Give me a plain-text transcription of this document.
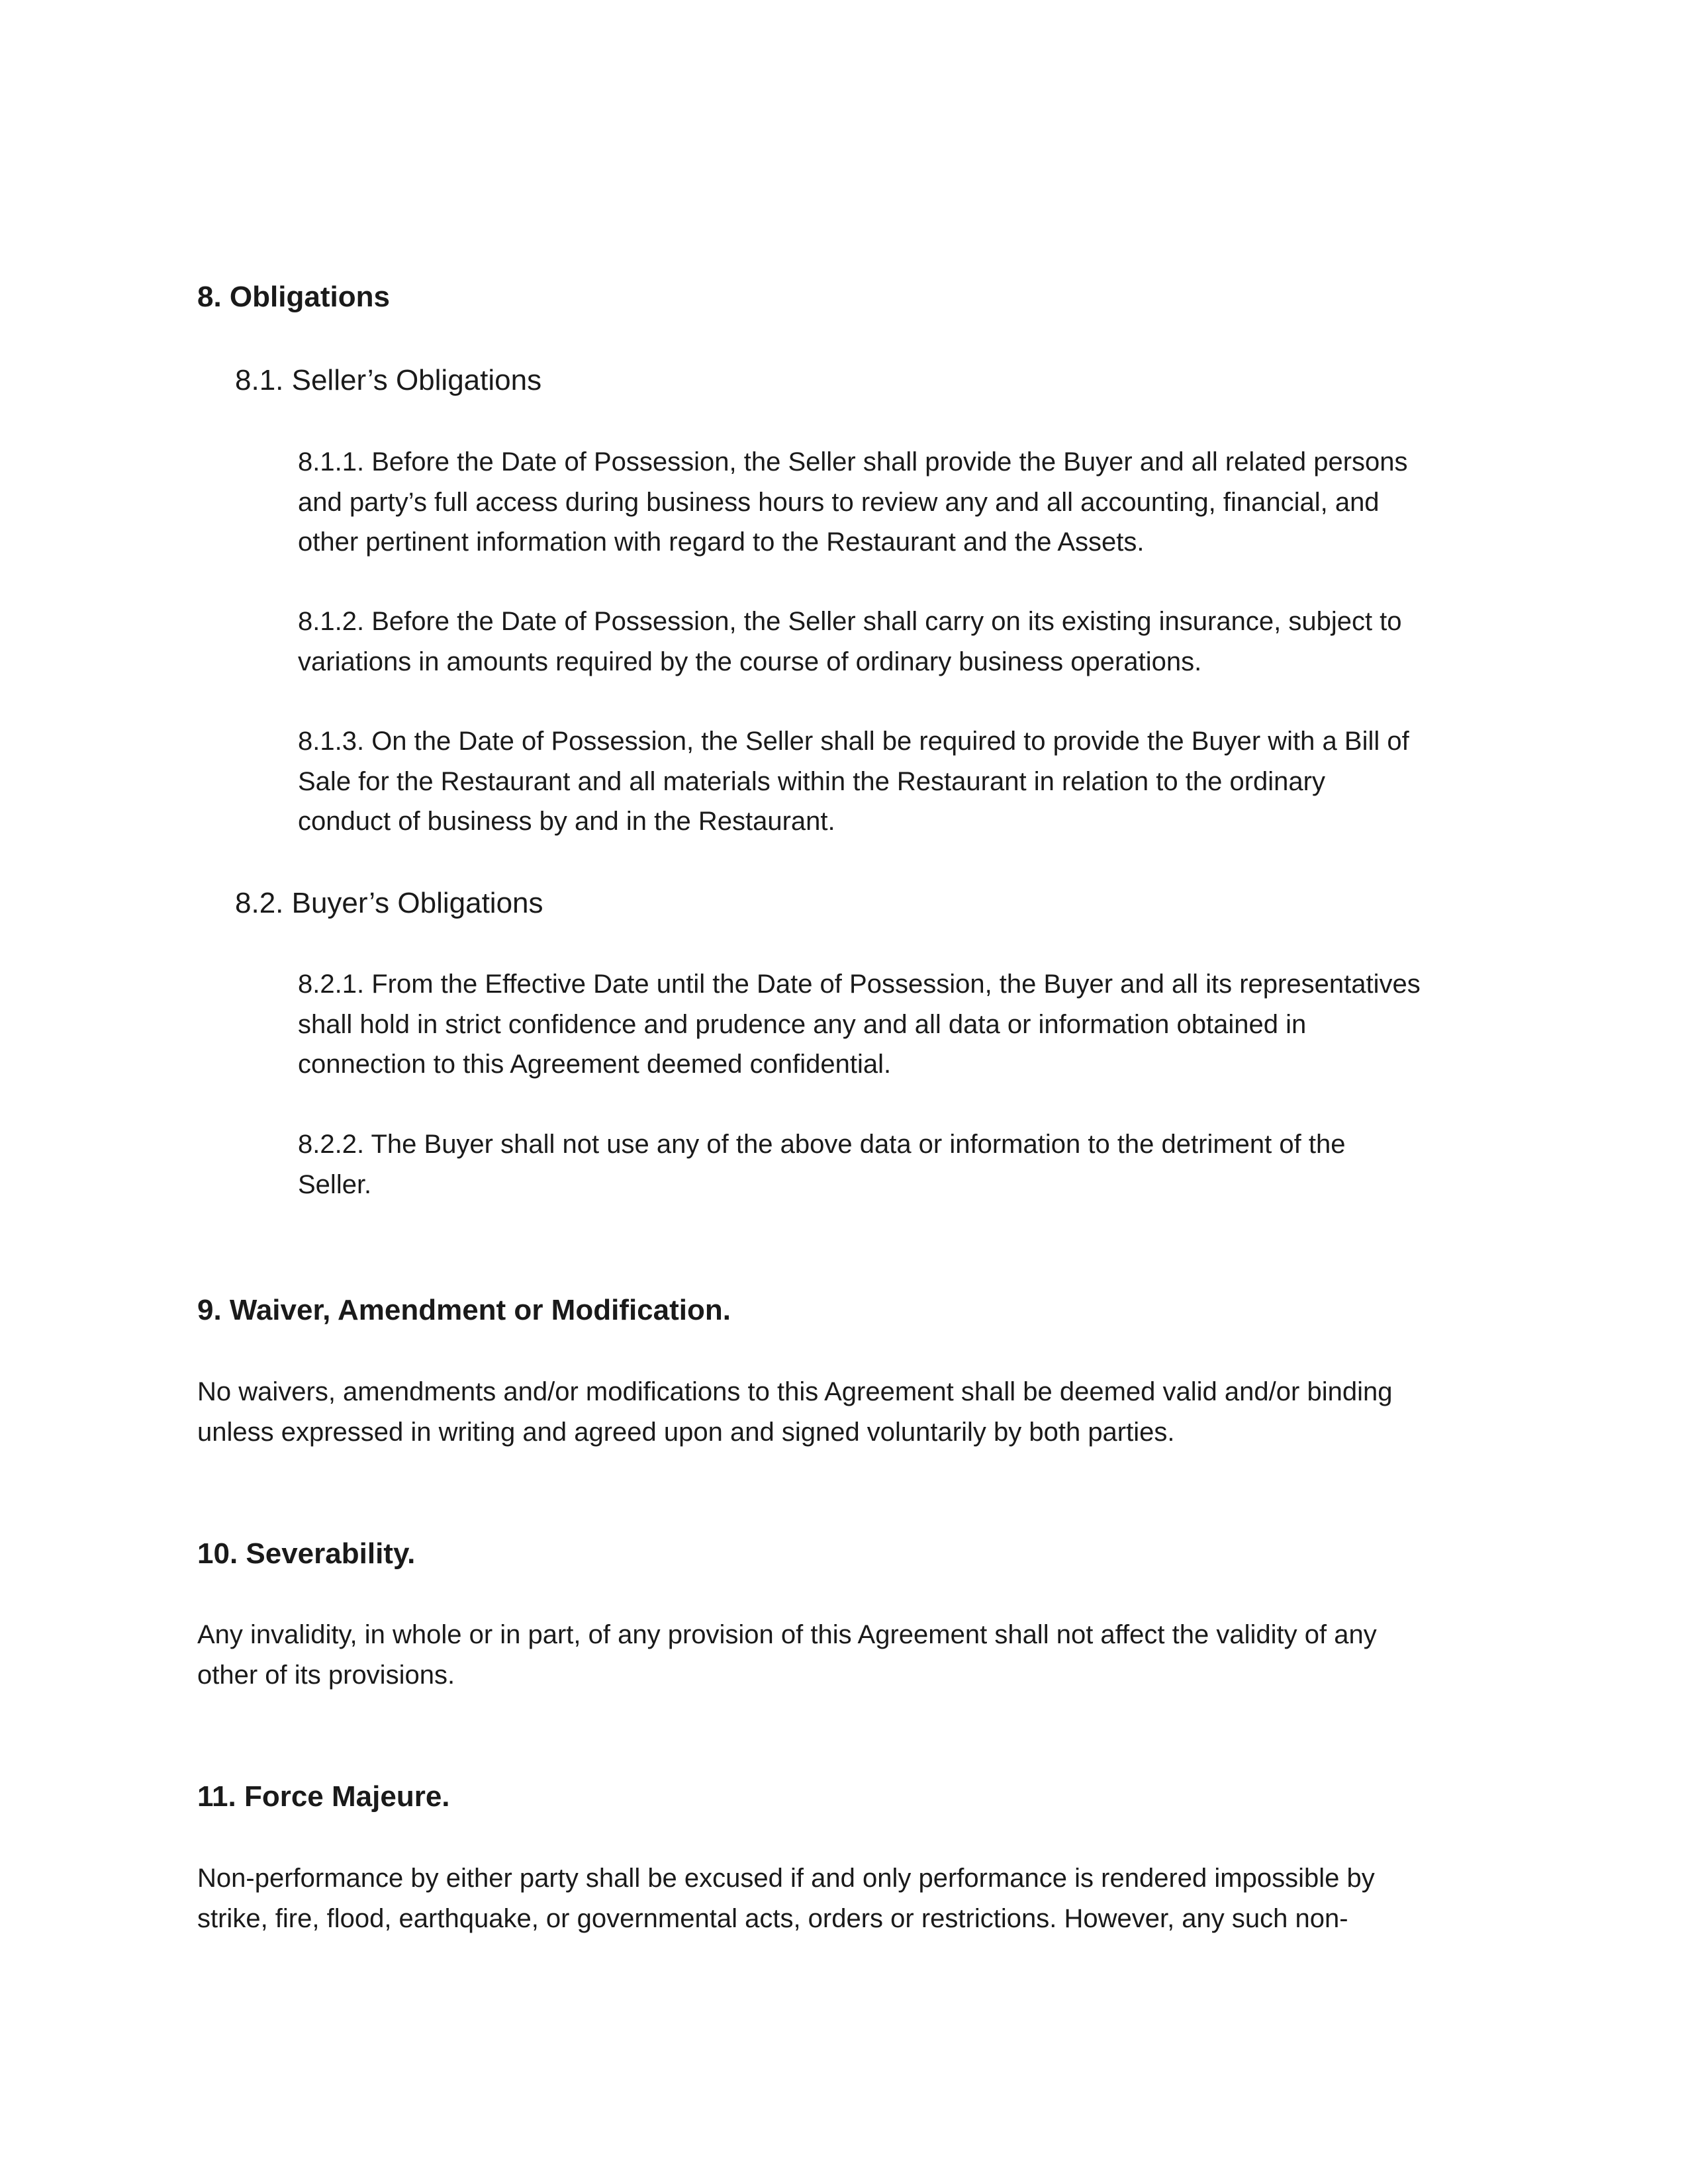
8. Obligations
8.1. Seller’s Obligations
8.1.1. Before the Date of Possession, the Seller shall provide the Buyer and all related persons
and party’s full access during business hours to review any and all accounting, financial, and
other pertinent information with regard to the Restaurant and the Assets.
8.1.2. Before the Date of Possession, the Seller shall carry on its existing insurance, subject to
variations in amounts required by the course of ordinary business operations.
8.1.3. On the Date of Possession, the Seller shall be required to provide the Buyer with a Bill of
Sale for the Restaurant and all materials within the Restaurant in relation to the ordinary
conduct of business by and in the Restaurant.
8.2. Buyer’s Obligations
8.2.1. From the Effective Date until the Date of Possession, the Buyer and all its representatives
shall hold in strict confidence and prudence any and all data or information obtained in
connection to this Agreement deemed confidential.
8.2.2. The Buyer shall not use any of the above data or information to the detriment of the
Seller.
9. Waiver, Amendment or Modification.
No waivers, amendments and/or modifications to this Agreement shall be deemed valid and/or binding
unless expressed in writing and agreed upon and signed voluntarily by both parties.
10. Severability.
Any invalidity, in whole or in part, of any provision of this Agreement shall not affect the validity of any
other of its provisions.
11. Force Majeure.
Non-performance by either party shall be excused if and only performance is rendered impossible by
strike, fire, flood, earthquake, or governmental acts, orders or restrictions. However, any such non-
